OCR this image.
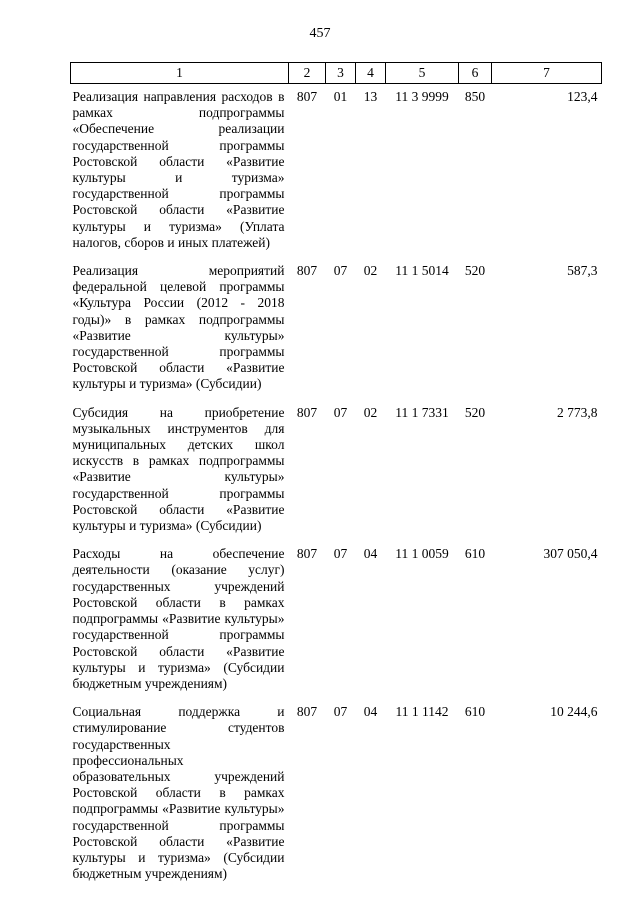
457
1	2	3	4	5	6	7
Реализация направления расходов в рамках подпрограммы «Обеспечение реализации государственной программы Ростовской области «Развитие культуры и туризма» государственной программы Ростовской области «Развитие культуры и туризма» (Уплата налогов, сборов и иных платежей)	807	01	13	11 3 9999	850	123,4
Реализация мероприятий федеральной целевой программы «Культура России (2012 - 2018 годы)» в рамках подпрограммы «Развитие культуры» государственной программы Ростовской области «Развитие культуры и туризма» (Субсидии)	807	07	02	11 1 5014	520	587,3
Субсидия на приобретение музыкальных инструментов для муниципальных детских школ искусств в рамках подпрограммы «Развитие культуры» государственной программы Ростовской области «Развитие культуры и туризма» (Субсидии)	807	07	02	11 1 7331	520	2 773,8
Расходы на обеспечение деятельности (оказание услуг) государственных учреждений Ростовской области в рамках подпрограммы «Развитие культуры» государственной программы Ростовской области «Развитие культуры и туризма» (Субсидии бюджетным учреждениям)	807	07	04	11 1 0059	610	307 050,4
Социальная поддержка и стимулирование студентов государственных профессиональных образовательных учреждений Ростовской области в рамках подпрограммы «Развитие культуры» государственной программы Ростовской области «Развитие культуры и туризма» (Субсидии бюджетным учреждениям)	807	07	04	11 1 1142	610	10 244,6
